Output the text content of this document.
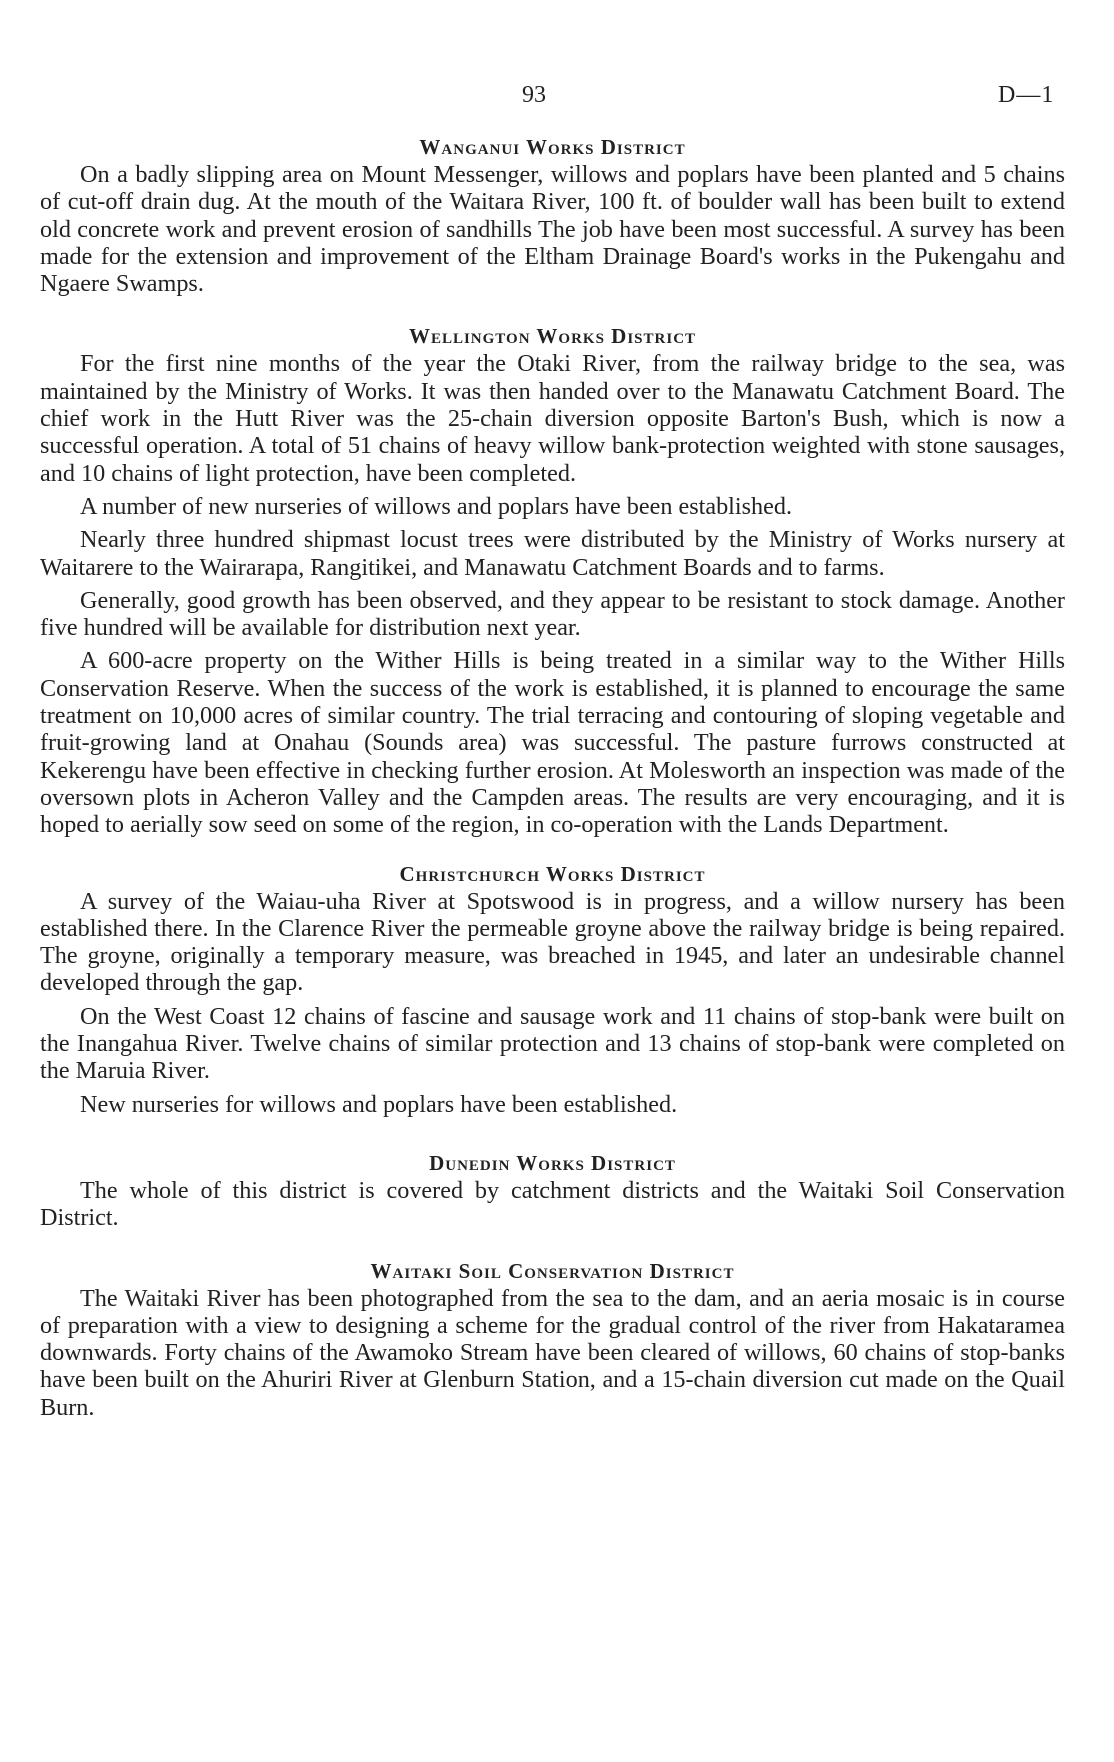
93	D—1
Wanganui Works District

On a badly slipping area on Mount Messenger, willows and poplars have been planted and 5 chains of cut-off drain dug. At the mouth of the Waitara River, 100 ft. of boulder wall has been built to extend old concrete work and prevent erosion of sandhills The job have been most successful. A survey has been made for the extension and improvement of the Eltham Drainage Board's works in the Pukengahu and Ngaere Swamps.

Wellington Works District

For the first nine months of the year the Otaki River, from the railway bridge to the sea, was maintained by the Ministry of Works. It was then handed over to the Manawatu Catchment Board. The chief work in the Hutt River was the 25-chain diversion opposite Barton's Bush, which is now a successful operation. A total of 51 chains of heavy willow bank-protection weighted with stone sausages, and 10 chains of light protection, have been completed.

A number of new nurseries of willows and poplars have been established.

Nearly three hundred shipmast locust trees were distributed by the Ministry of Works nursery at Waitarere to the Wairarapa, Rangitikei, and Manawatu Catchment Boards and to farms.

Generally, good growth has been observed, and they appear to be resistant to stock damage. Another five hundred will be available for distribution next year.

A 600-acre property on the Wither Hills is being treated in a similar way to the Wither Hills Conservation Reserve. When the success of the work is established, it is planned to encourage the same treatment on 10,000 acres of similar country. The trial terracing and contouring of sloping vegetable and fruit-growing land at Onahau (Sounds area) was successful. The pasture furrows constructed at Kekerengu have been effective in checking further erosion. At Molesworth an inspection was made of the oversown plots in Acheron Valley and the Campden areas. The results are very encouraging, and it is hoped to aerially sow seed on some of the region, in co-operation with the Lands Department.

Christchurch Works District

A survey of the Waiau-uha River at Spotswood is in progress, and a willow nursery has been established there. In the Clarence River the permeable groyne above the railway bridge is being repaired. The groyne, originally a temporary measure, was breached in 1945, and later an undesirable channel developed through the gap.

On the West Coast 12 chains of fascine and sausage work and 11 chains of stop-bank were built on the Inangahua River. Twelve chains of similar protection and 13 chains of stop-bank were completed on the Maruia River.

New nurseries for willows and poplars have been established.

Dunedin Works District

The whole of this district is covered by catchment districts and the Waitaki Soil Conservation District.

Waitaki Soil Conservation District

The Waitaki River has been photographed from the sea to the dam, and an aeria mosaic is in course of preparation with a view to designing a scheme for the gradual control of the river from Hakataramea downwards. Forty chains of the Awamoko Stream have been cleared of willows, 60 chains of stop-banks have been built on the Ahuriri River at Glenburn Station, and a 15-chain diversion cut made on the Quail Burn.
